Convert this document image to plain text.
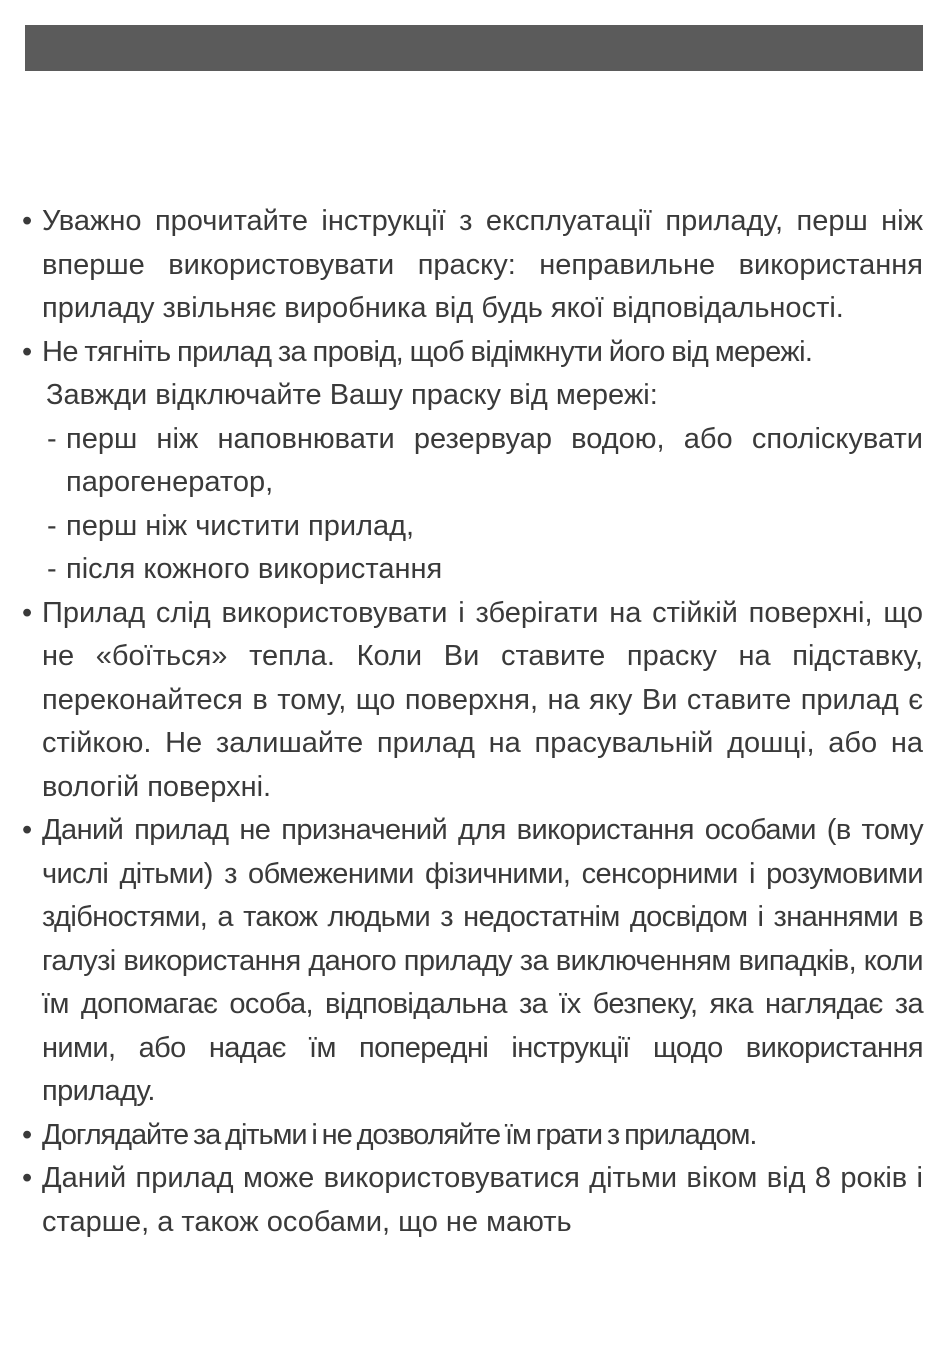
• Уважно прочитайте інструкції з експлуатації приладу, перш ніж вперше використовувати праску: неправильне використання приладу звільняє виробника від будь якої відповідальності.
• Не тягніть прилад за провід, щоб відімкнути його від мережі.
Завжди відключайте Вашу праску від мережі:
- перш ніж наповнювати резервуар водою, або сполiскувати парогенератор,
- перш ніж чистити прилад,
- після кожного використання
• Прилад слід використовувати і зберігати на стійкій поверхні, що не «боїться» тепла. Коли Ви ставите праску на підставку, переконайтеся в тому, що поверхня, на яку Ви ставите прилад є стійкою. Не залишайте прилад на прасувальній дошці, або на вологій поверхні.
• Даний прилад не призначений для використання особами (в тому числі дітьми) з обмеженими фізичними, сенсорними і розумовими здібностями, а також людьми з недостатнім досвідом і знаннями в галузі використання даного приладу за виключенням випадків, коли їм допомагає особа, відповідальна за їх безпеку, яка наглядає за ними, або надає їм попередні інструкції щодо використання приладу.
• Доглядайте за дітьми і не дозволяйте їм грати з приладом.
• Даний прилад може використовуватися дітьми віком від 8 років і старше, а також особами, що не мають
